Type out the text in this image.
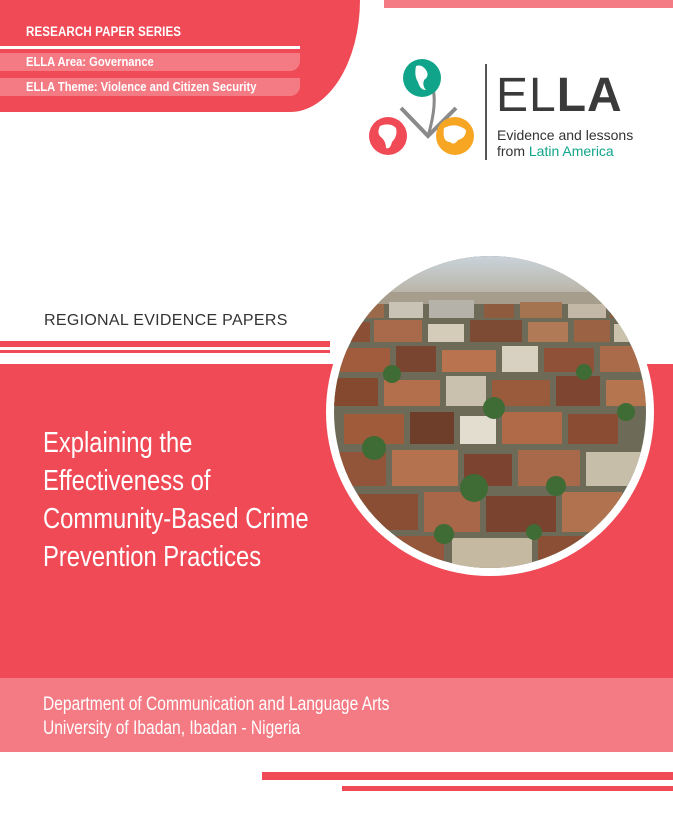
RESEARCH PAPER SERIES
ELLA Area: Governance
ELLA Theme: Violence and Citizen Security	ELLA
Evidence and lessons
from Latin America
REGIONAL EVIDENCE PAPERS
Explaining the
Effectiveness of
Community-Based Crime
Prevention Practices
Department of Communication and Language Arts
University of Ibadan, Ibadan - Nigeria
